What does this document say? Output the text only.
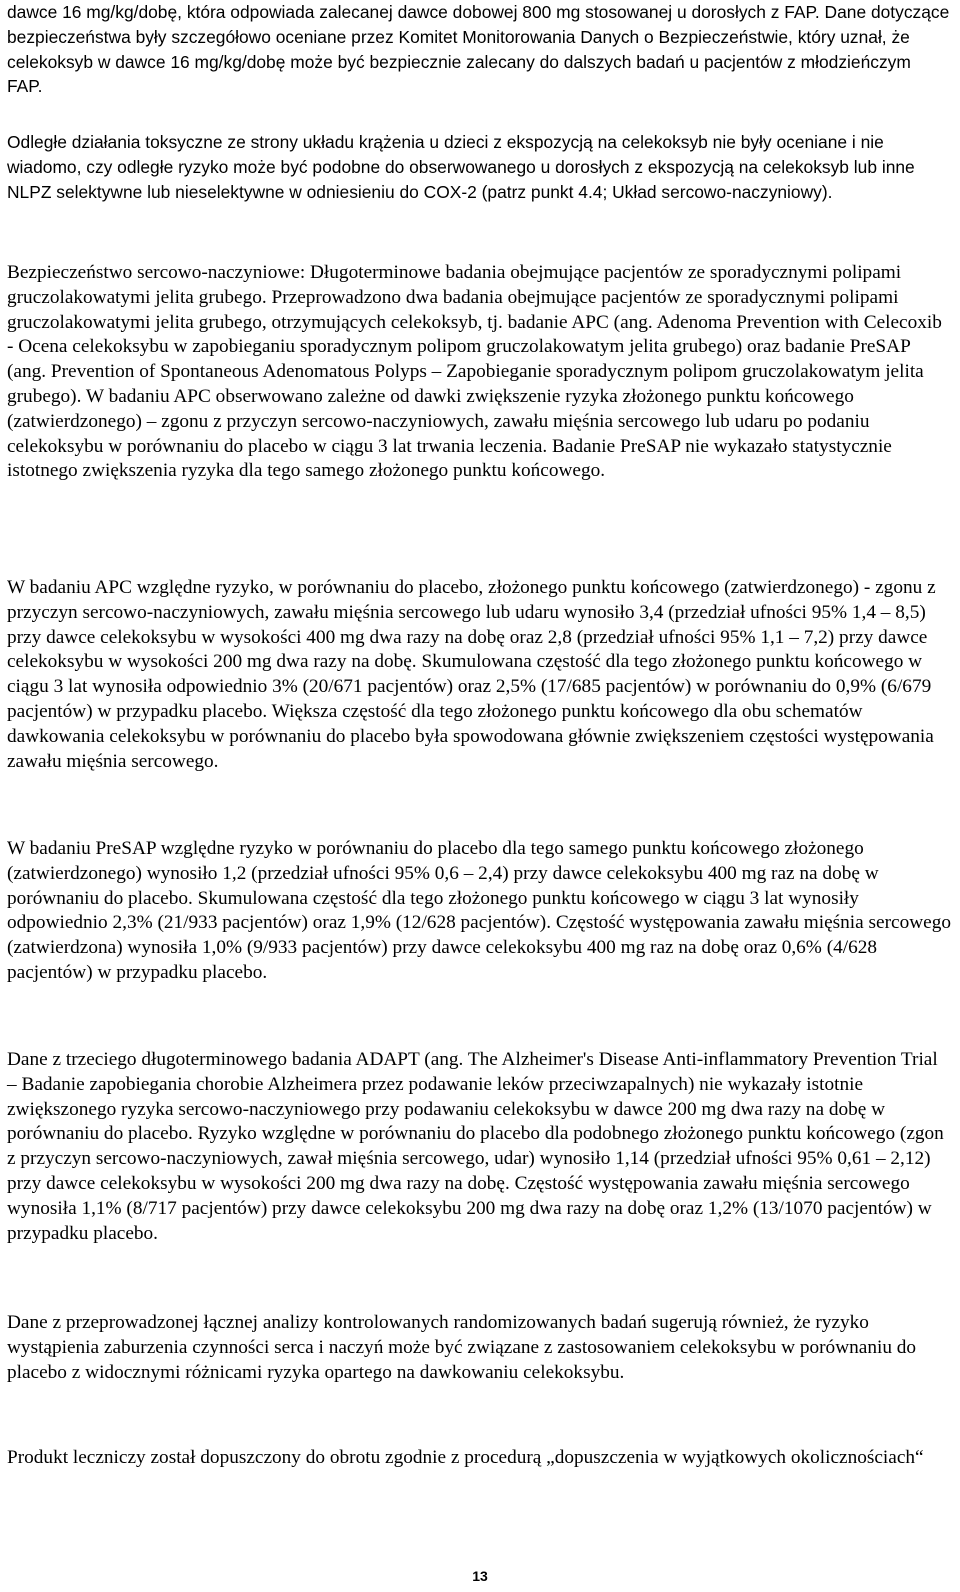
dawce 16 mg/kg/dobę, która odpowiada zalecanej dawce dobowej 800 mg stosowanej u dorosłych z FAP. Dane dotyczące bezpieczeństwa były szczegółowo oceniane przez Komitet Monitorowania Danych o Bezpieczeństwie, który uznał, że celekoksyb w dawce 16 mg/kg/dobę może być bezpiecznie zalecany do dalszych badań u pacjentów z młodzieńczym FAP.

Odległe działania toksyczne ze strony układu krążenia u dzieci z ekspozycją na celekoksyb nie były oceniane i nie wiadomo, czy odległe ryzyko może być podobne do obserwowanego u dorosłych z ekspozycją na celekoksyb lub inne NLPZ selektywne lub nieselektywne w odniesieniu do COX-2 (patrz punkt 4.4; Układ sercowo-naczyniowy).

Bezpieczeństwo sercowo-naczyniowe: Długoterminowe badania obejmujące pacjentów ze sporadycznymi polipami gruczolakowatymi jelita grubego. Przeprowadzono dwa badania obejmujące pacjentów ze sporadycznymi polipami gruczolakowatymi jelita grubego, otrzymujących celekoksyb, tj. badanie APC (ang. Adenoma Prevention with Celecoxib - Ocena celekoksybu w zapobieganiu sporadycznym polipom gruczolakowatym jelita grubego) oraz badanie PreSAP (ang. Prevention of Spontaneous Adenomatous Polyps – Zapobieganie sporadycznym polipom gruczolakowatym jelita grubego). W badaniu APC obserwowano zależne od dawki zwiększenie ryzyka złożonego punktu końcowego (zatwierdzonego) – zgonu z przyczyn sercowo-naczyniowych, zawału mięśnia sercowego lub udaru po podaniu celekoksybu w porównaniu do placebo w ciągu 3 lat trwania leczenia. Badanie PreSAP nie wykazało statystycznie istotnego zwiększenia ryzyka dla tego samego złożonego punktu końcowego.

W badaniu APC względne ryzyko, w porównaniu do placebo, złożonego punktu końcowego (zatwierdzonego) - zgonu z przyczyn sercowo-naczyniowych, zawału mięśnia sercowego lub udaru wynosiło 3,4 (przedział ufności 95% 1,4 – 8,5) przy dawce celekoksybu w wysokości 400 mg dwa razy na dobę oraz 2,8 (przedział ufności 95% 1,1 – 7,2) przy dawce celekoksybu w wysokości 200 mg dwa razy na dobę. Skumulowana częstość dla tego złożonego punktu końcowego w ciągu 3 lat wynosiła odpowiednio 3% (20/671 pacjentów) oraz 2,5% (17/685 pacjentów) w porównaniu do 0,9% (6/679 pacjentów) w przypadku placebo. Większa częstość dla tego złożonego punktu końcowego dla obu schematów dawkowania celekoksybu w porównaniu do placebo była spowodowana głównie zwiększeniem częstości występowania zawału mięśnia sercowego.

W badaniu PreSAP względne ryzyko w porównaniu do placebo dla tego samego punktu końcowego złożonego (zatwierdzonego) wynosiło 1,2 (przedział ufności 95% 0,6 – 2,4) przy dawce celekoksybu 400 mg raz na dobę w porównaniu do placebo. Skumulowana częstość dla tego złożonego punktu końcowego w ciągu 3 lat wynosiły odpowiednio 2,3% (21/933 pacjentów) oraz 1,9% (12/628 pacjentów). Częstość występowania zawału mięśnia sercowego (zatwierdzona) wynosiła 1,0% (9/933 pacjentów) przy dawce celekoksybu 400 mg raz na dobę oraz 0,6% (4/628 pacjentów) w przypadku placebo.

Dane z trzeciego długoterminowego badania ADAPT (ang. The Alzheimer's Disease Anti-inflammatory Prevention Trial – Badanie zapobiegania chorobie Alzheimera przez podawanie leków przeciwzapalnych) nie wykazały istotnie zwiększonego ryzyka sercowo-naczyniowego przy podawaniu celekoksybu w dawce 200 mg dwa razy na dobę w porównaniu do placebo. Ryzyko względne w porównaniu do placebo dla podobnego złożonego punktu końcowego (zgon z przyczyn sercowo-naczyniowych, zawał mięśnia sercowego, udar) wynosiło 1,14 (przedział ufności 95% 0,61 – 2,12) przy dawce celekoksybu w wysokości 200 mg dwa razy na dobę. Częstość występowania zawału mięśnia sercowego wynosiła 1,1% (8/717 pacjentów) przy dawce celekoksybu 200 mg dwa razy na dobę oraz 1,2% (13/1070 pacjentów) w przypadku placebo.

Dane z przeprowadzonej łącznej analizy kontrolowanych randomizowanych badań sugerują również, że ryzyko wystąpienia zaburzenia czynności serca i naczyń może być związane z zastosowaniem celekoksybu w porównaniu do placebo z widocznymi różnicami ryzyka opartego na dawkowaniu celekoksybu.

Produkt leczniczy został dopuszczony do obrotu zgodnie z procedurą „dopuszczenia w wyjątkowych okolicznościach“

13
